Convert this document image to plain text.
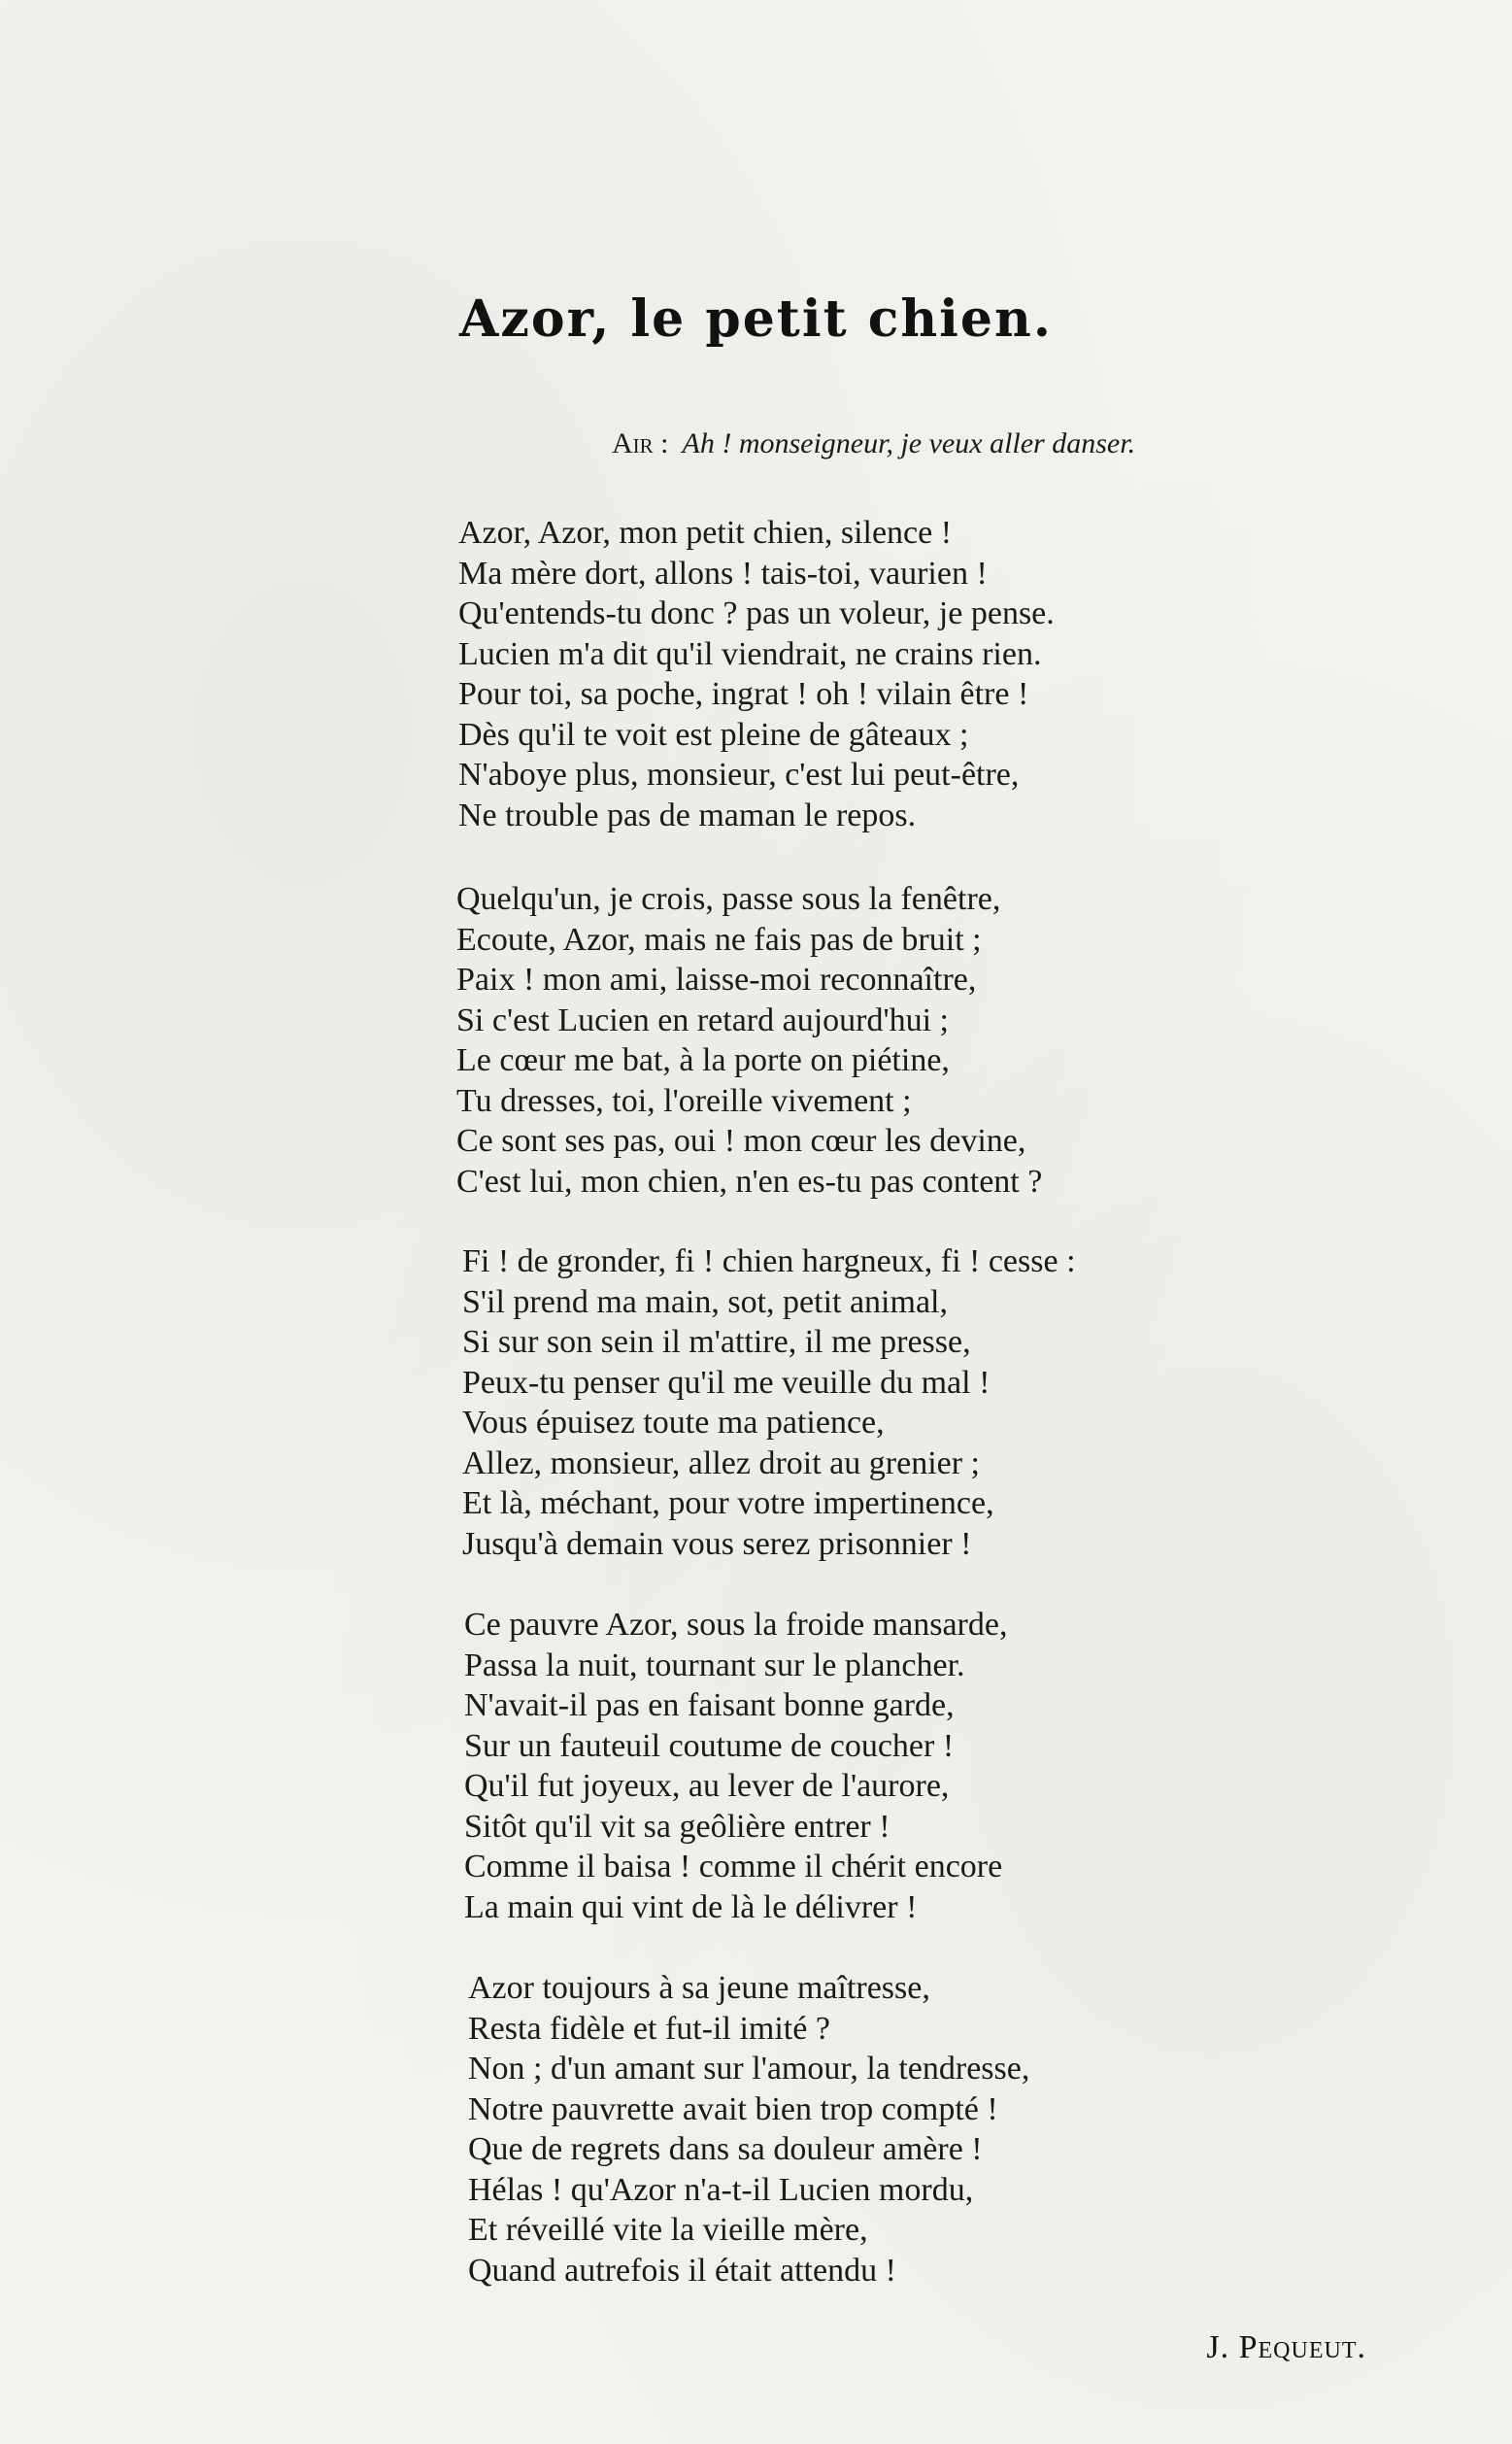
Azor, le petit chien.
Air : Ah ! monseigneur, je veux aller danser.
Azor, Azor, mon petit chien, silence !
Ma mère dort, allons ! tais-toi, vaurien !
Qu'entends-tu donc ? pas un voleur, je pense.
Lucien m'a dit qu'il viendrait, ne crains rien.
Pour toi, sa poche, ingrat ! oh ! vilain être !
Dès qu'il te voit est pleine de gâteaux ;
N'aboye plus, monsieur, c'est lui peut-être,
Ne trouble pas de maman le repos.
Quelqu'un, je crois, passe sous la fenêtre,
Ecoute, Azor, mais ne fais pas de bruit ;
Paix ! mon ami, laisse-moi reconnaître,
Si c'est Lucien en retard aujourd'hui ;
Le cœur me bat, à la porte on piétine,
Tu dresses, toi, l'oreille vivement ;
Ce sont ses pas, oui ! mon cœur les devine,
C'est lui, mon chien, n'en es-tu pas content ?
Fi ! de gronder, fi ! chien hargneux, fi ! cesse :
S'il prend ma main, sot, petit animal,
Si sur son sein il m'attire, il me presse,
Peux-tu penser qu'il me veuille du mal !
Vous épuisez toute ma patience,
Allez, monsieur, allez droit au grenier ;
Et là, méchant, pour votre impertinence,
Jusqu'à demain vous serez prisonnier !
Ce pauvre Azor, sous la froide mansarde,
Passa la nuit, tournant sur le plancher.
N'avait-il pas en faisant bonne garde,
Sur un fauteuil coutume de coucher !
Qu'il fut joyeux, au lever de l'aurore,
Sitôt qu'il vit sa geôlière entrer !
Comme il baisa ! comme il chérit encore
La main qui vint de là le délivrer !
Azor toujours à sa jeune maîtresse,
Resta fidèle et fut-il imité ?
Non ; d'un amant sur l'amour, la tendresse,
Notre pauvrette avait bien trop compté !
Que de regrets dans sa douleur amère !
Hélas ! qu'Azor n'a-t-il Lucien mordu,
Et réveillé vite la vieille mère,
Quand autrefois il était attendu !
J. Pequeut.
